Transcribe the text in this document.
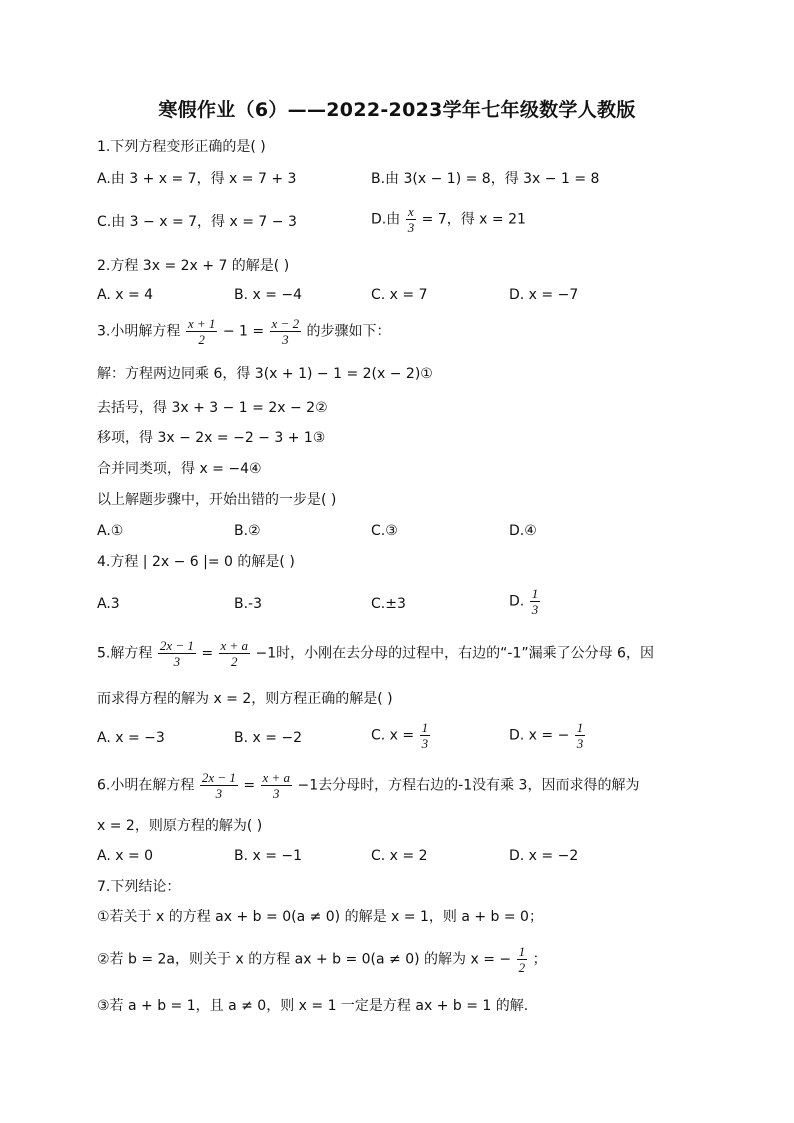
寒假作业（6）——2022-2023学年七年级数学人教版
1.下列方程变形正确的是( )
A.由 3 + x = 7，得 x = 7 + 3	B.由 3(x − 1) = 8，得 3x − 1 = 8
C.由 3 − x = 7，得 x = 7 − 3	D.由 $\frac{x}{3} = 7$，得 x = 21
2.方程 3x = 2x + 7 的解是( )
A. x = 4	B. x = −4	C. x = 7	D. x = −7
3.小明解方程 $\frac{x + 1}{2} - 1 = \frac{x - 2}{3}$ 的步骤如下：
解：方程两边同乘 6，得 3(x + 1) − 1 = 2(x − 2)①
去括号，得 3x + 3 − 1 = 2x − 2②
移项，得 3x − 2x = −2 − 3 + 1③
合并同类项，得 x = −4④
以上解题步骤中，开始出错的一步是( )
A.①	B.②	C.③	D.④
4.方程 | 2x − 6 |= 0 的解是( )
A.3	B.-3	C.±3	D. $\frac{1}{3}$
5.解方程 $\frac{2x - 1}{3} = \frac{x + a}{2} -1$时，小刚在去分母的过程中，右边的“-1”漏乘了公分母 6，因
而求得方程的解为 x = 2，则方程正确的解是( )
A. x = −3	B. x = −2	C. $x = \frac{1}{3}$	D. x = − $\frac{1}{3}$
6.小明在解方程 $\frac{2x - 1}{3} = \frac{x + a}{3} -1$去分母时，方程右边的-1没有乘 3，因而求得的解为
x = 2，则原方程的解为( )
A. x = 0	B. x = −1	C. x = 2	D. x = −2
7.下列结论：
①若关于 x 的方程 ax + b = 0(a ≠ 0) 的解是 x = 1，则 a + b = 0；
②若 b = 2a，则关于 x 的方程 ax + b = 0(a ≠ 0) 的解为 x = − $\frac{1}{2}$ ；
③若 a + b = 1，且 a ≠ 0，则 x = 1 一定是方程 ax + b = 1 的解.
